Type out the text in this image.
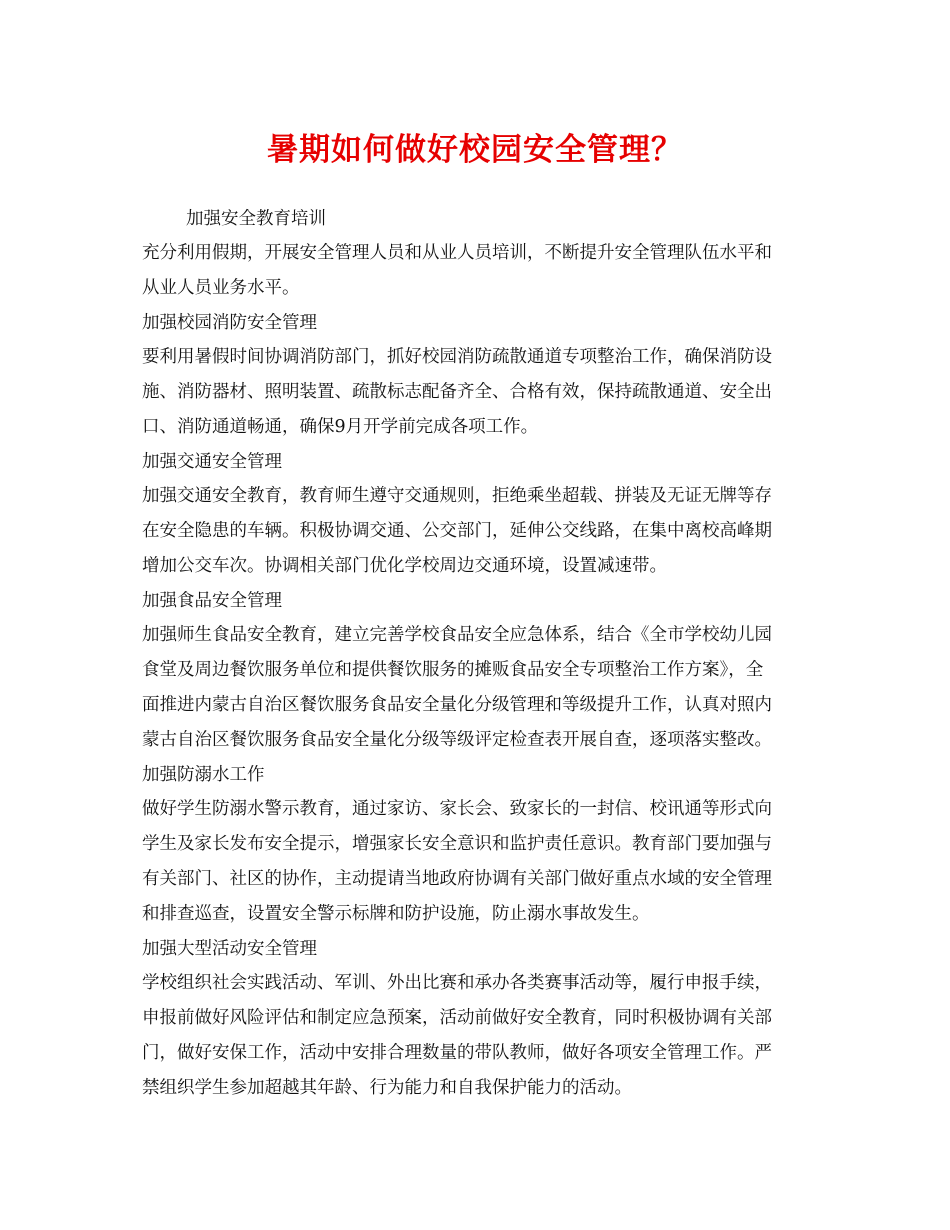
暑期如何做好校园安全管理？

加强安全教育培训

充分利用假期，开展安全管理人员和从业人员培训，不断提升安全管理队伍水平和
从业人员业务水平。

加强校园消防安全管理

要利用暑假时间协调消防部门，抓好校园消防疏散通道专项整治工作，确保消防设
施、消防器材、照明装置、疏散标志配备齐全、合格有效，保持疏散通道、安全出
口、消防通道畅通，确保9月开学前完成各项工作。

加强交通安全管理

加强交通安全教育，教育师生遵守交通规则，拒绝乘坐超载、拼装及无证无牌等存
在安全隐患的车辆。积极协调交通、公交部门，延伸公交线路，在集中离校高峰期
增加公交车次。协调相关部门优化学校周边交通环境，设置减速带。

加强食品安全管理

加强师生食品安全教育，建立完善学校食品安全应急体系，结合《全市学校幼儿园
食堂及周边餐饮服务单位和提供餐饮服务的摊贩食品安全专项整治工作方案》，全
面推进内蒙古自治区餐饮服务食品安全量化分级管理和等级提升工作，认真对照内
蒙古自治区餐饮服务食品安全量化分级等级评定检查表开展自查，逐项落实整改。

加强防溺水工作

做好学生防溺水警示教育，通过家访、家长会、致家长的一封信、校讯通等形式向
学生及家长发布安全提示，增强家长安全意识和监护责任意识。教育部门要加强与
有关部门、社区的协作，主动提请当地政府协调有关部门做好重点水域的安全管理
和排查巡查，设置安全警示标牌和防护设施，防止溺水事故发生。

加强大型活动安全管理

学校组织社会实践活动、军训、外出比赛和承办各类赛事活动等，履行申报手续，
申报前做好风险评估和制定应急预案，活动前做好安全教育，同时积极协调有关部
门，做好安保工作，活动中安排合理数量的带队教师，做好各项安全管理工作。严
禁组织学生参加超越其年龄、行为能力和自我保护能力的活动。
